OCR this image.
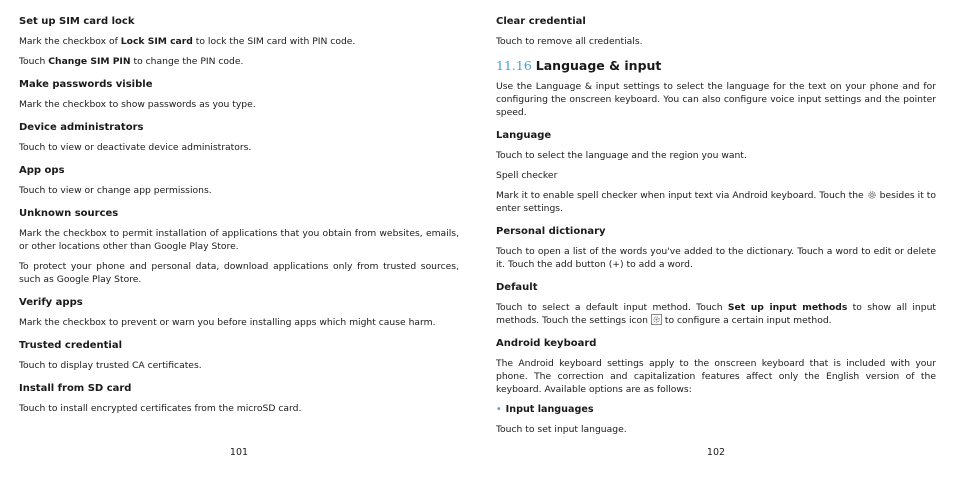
Set up SIM card lock
Mark the checkbox of Lock SIM card to lock the SIM card with PIN code.
Touch Change SIM PIN to change the PIN code.
Make passwords visible
Mark the checkbox to show passwords as you type.
Device administrators
Touch to view or deactivate device administrators.
App ops
Touch to view or change app permissions.
Unknown sources
Mark the checkbox to permit installation of applications that you obtain from websites, emails, or other locations other than Google Play Store.
To protect your phone and personal data, download applications only from trusted sources, such as Google Play Store.
Verify apps
Mark the checkbox to prevent or warn you before installing apps which might cause harm.
Trusted credential
Touch to display trusted CA certificates.
Install from SD card
Touch to install encrypted certificates from the microSD card.
101
Clear credential
Touch to remove all credentials.
11.16 Language & input
Use the Language & input settings to select the language for the text on your phone and for configuring the onscreen keyboard. You can also configure voice input settings and the pointer speed.
Language
Touch to select the language and the region you want.
Spell checker
Mark it to enable spell checker when input text via Android keyboard. Touch the  besides it to enter settings.
Personal dictionary
Touch to open a list of the words you've added to the dictionary. Touch a word to edit or delete it. Touch the add button (+) to add a word.
Default
Touch to select a default input method. Touch Set up input methods to show all input methods. Touch the settings icon
to configure a certain input method.
Android keyboard
The Android keyboard settings apply to the onscreen keyboard that is included with your phone. The correction and capitalization features affect only the English version of the keyboard. Available options are as follows:
• Input languages
Touch to set input language.
102
